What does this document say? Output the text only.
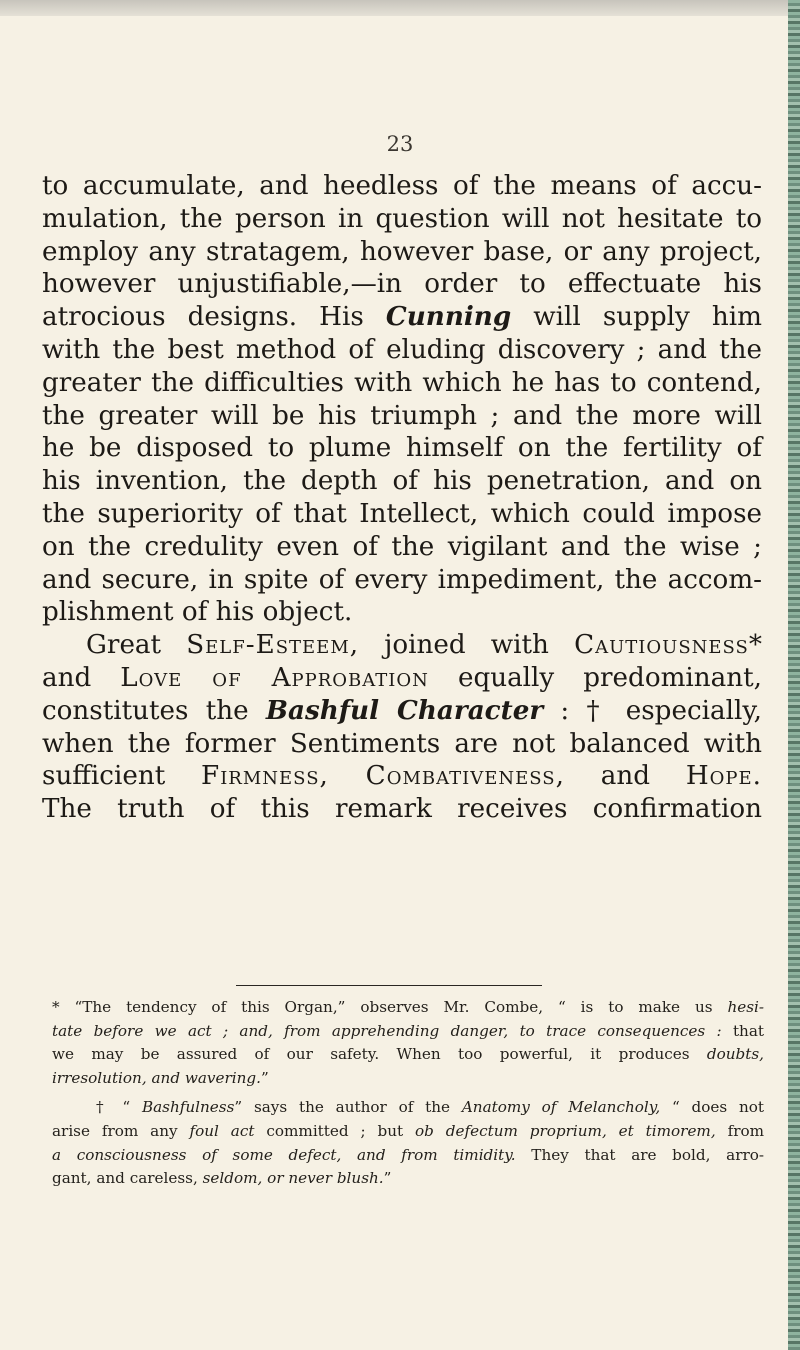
23
to accumulate, and heedless of the means of accu-
mulation, the person in question will not hesitate to
employ any stratagem, however base, or any project,
however unjustifiable,—in order to effectuate his
atrocious designs. His Cunning will supply him
with the best method of eluding discovery ; and the
greater the difficulties with which he has to contend,
the greater will be his triumph ; and the more will
he be disposed to plume himself on the fertility of
his invention, the depth of his penetration, and on
the superiority of that Intellect, which could impose
on the credulity even of the vigilant and the wise ;
and secure, in spite of every impediment, the accom-
plishment of his object.
Great Self-Esteem, joined with Cautiousness*
and Love of Approbation equally predominant,
constitutes the Bashful Character : † especially,
when the former Sentiments are not balanced with
sufficient Firmness, Combativeness, and Hope.
The truth of this remark receives confirmation
* “The tendency of this Organ,” observes Mr. Combe, “ is to make us hesi-
tate before we act ; and, from apprehending danger, to trace consequences : that
we may be assured of our safety. When too powerful, it produces doubts,
irresolution, and wavering.”
† “ Bashfulness” says the author of the Anatomy of Melancholy, “ does not
arise from any foul act committed ; but ob defectum proprium, et timorem, from
a consciousness of some defect, and from timidity. They that are bold, arro-
gant, and careless, seldom, or never blush.”
